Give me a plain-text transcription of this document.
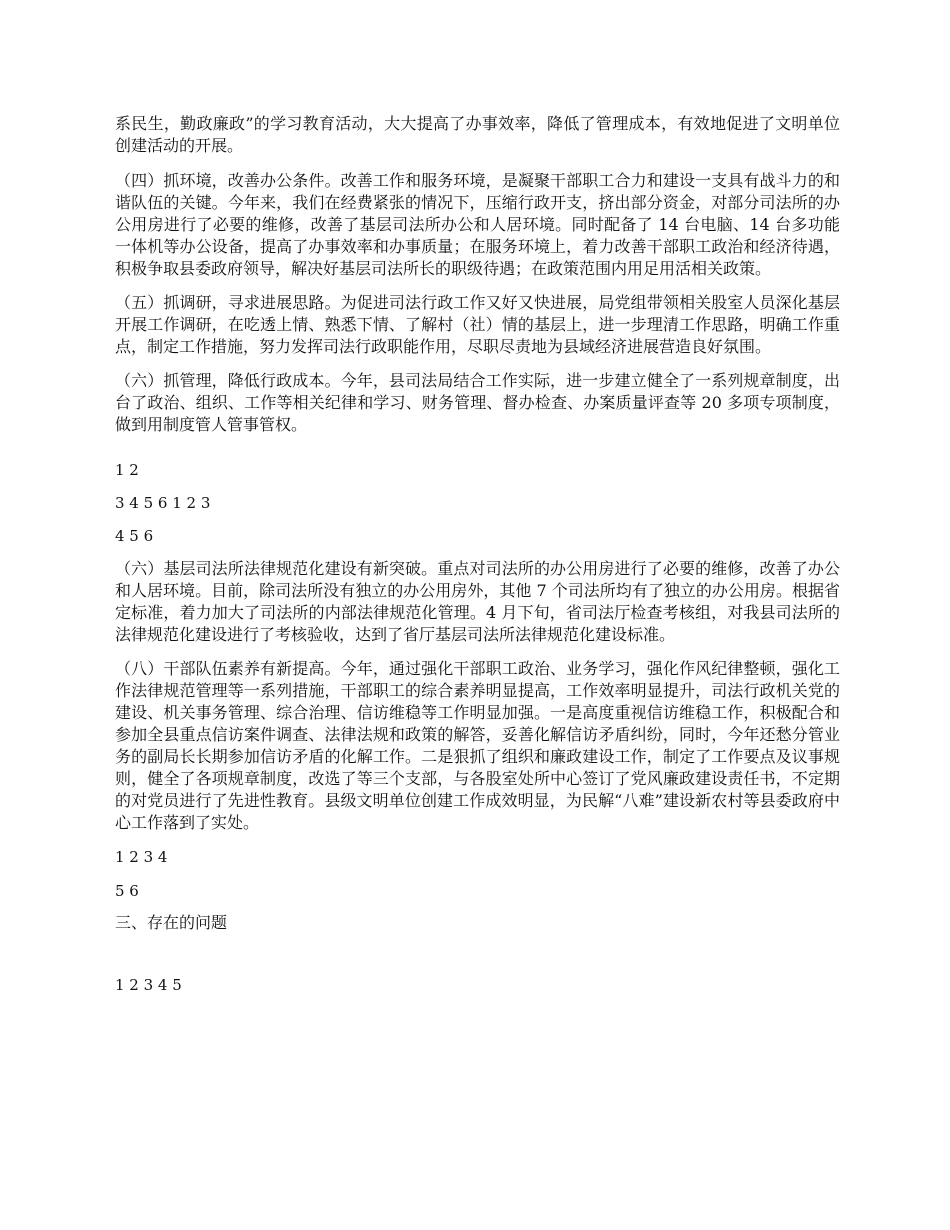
系民生，勤政廉政”的学习教育活动，大大提高了办事效率，降低了管理成本，有效地促进了文明单位创建活动的开展。

（四）抓环境，改善办公条件。改善工作和服务环境，是凝聚干部职工合力和建设一支具有战斗力的和谐队伍的关键。今年来，我们在经费紧张的情况下，压缩行政开支，挤出部分资金，对部分司法所的办公用房进行了必要的维修，改善了基层司法所办公和人居环境。同时配备了 14 台电脑、14 台多功能一体机等办公设备，提高了办事效率和办事质量；在服务环境上，着力改善干部职工政治和经济待遇，积极争取县委政府领导，解决好基层司法所长的职级待遇；在政策范围内用足用活相关政策。

（五）抓调研，寻求进展思路。为促进司法行政工作又好又快进展，局党组带领相关股室人员深化基层开展工作调研，在吃透上情、熟悉下情、了解村（社）情的基层上，进一步理清工作思路，明确工作重点，制定工作措施，努力发挥司法行政职能作用，尽职尽责地为县域经济进展营造良好氛围。

（六）抓管理，降低行政成本。今年，县司法局结合工作实际，进一步建立健全了一系列规章制度，出台了政治、组织、工作等相关纪律和学习、财务管理、督办检查、办案质量评查等 20 多项专项制度，做到用制度管人管事管权。

1 2
3 4 5 6 1 2 3
4 5 6

（六）基层司法所法律规范化建设有新突破。重点对司法所的办公用房进行了必要的维修，改善了办公和人居环境。目前，除司法所没有独立的办公用房外，其他 7 个司法所均有了独立的办公用房。根据省定标准，着力加大了司法所的内部法律规范化管理。4 月下旬，省司法厅检查考核组，对我县司法所的法律规范化建设进行了考核验收，达到了省厅基层司法所法律规范化建设标准。

（八）干部队伍素养有新提高。今年，通过强化干部职工政治、业务学习，强化作风纪律整顿，强化工作法律规范管理等一系列措施，干部职工的综合素养明显提高，工作效率明显提升，司法行政机关党的建设、机关事务管理、综合治理、信访维稳等工作明显加强。一是高度重视信访维稳工作，积极配合和参加全县重点信访案件调查、法律法规和政策的解答，妥善化解信访矛盾纠纷，同时，今年还愁分管业务的副局长长期参加信访矛盾的化解工作。二是狠抓了组织和廉政建设工作，制定了工作要点及议事规则，健全了各项规章制度，改选了等三个支部，与各股室处所中心签订了党风廉政建设责任书，不定期的对党员进行了先进性教育。县级文明单位创建工作成效明显，为民解“八难”建设新农村等县委政府中心工作落到了实处。

1 2 3 4
5 6
三、存在的问题
1 2 3 4 5
